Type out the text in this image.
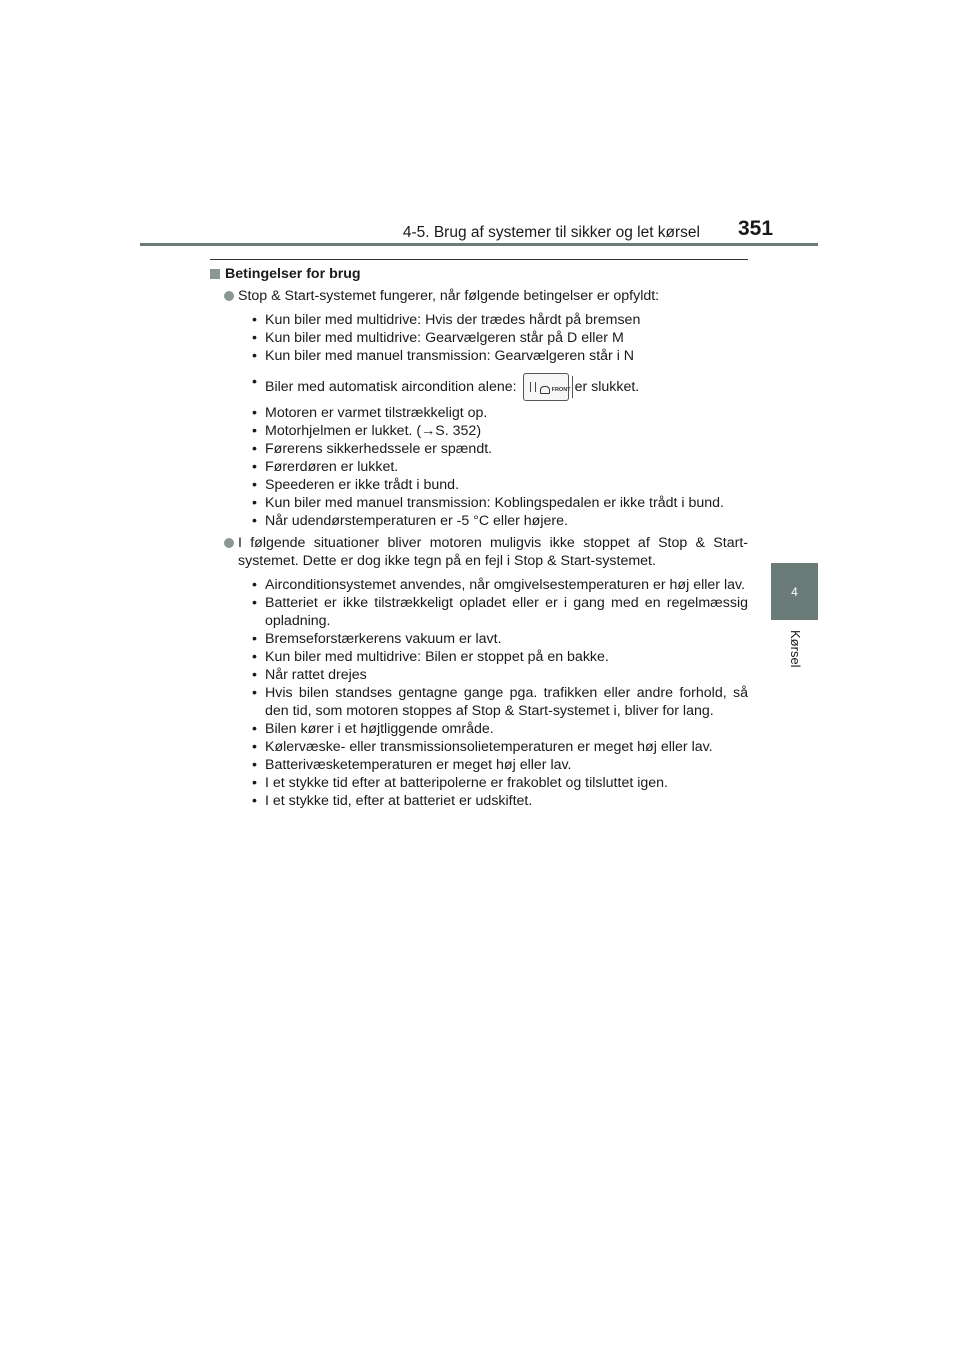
4-5. Brug af systemer til sikker og let kørsel 351
4
Kørsel
Betingelser for brug
Stop & Start-systemet fungerer, når følgende betingelser er opfyldt:
• Kun biler med multidrive: Hvis der trædes hårdt på bremsen
• Kun biler med multidrive: Gearvælgeren står på D eller M
• Kun biler med manuel transmission: Gearvælgeren står i N
• Biler med automatisk aircondition alene:	FRONT er slukket.
• Motoren er varmet tilstrækkeligt op.
• Motorhjelmen er lukket. (→S. 352)
• Førerens sikkerhedssele er spændt.
• Førerdøren er lukket.
• Speederen er ikke trådt i bund.
• Kun biler med manuel transmission: Koblingspedalen er ikke trådt i bund.
• Når udendørstemperaturen er -5 °C eller højere.
I følgende situationer bliver motoren muligvis ikke stoppet af Stop & Start-systemet. Dette er dog ikke tegn på en fejl i Stop & Start-systemet.
• Airconditionsystemet anvendes, når omgivelsestemperaturen er høj eller lav.
• Batteriet er ikke tilstrækkeligt opladet eller er i gang med en regelmæssig opladning.
• Bremseforstærkerens vakuum er lavt.
• Kun biler med multidrive: Bilen er stoppet på en bakke.
• Når rattet drejes
• Hvis bilen standses gentagne gange pga. trafikken eller andre forhold, så den tid, som motoren stoppes af Stop & Start-systemet i, bliver for lang.
• Bilen kører i et højtliggende område.
• Kølervæske- eller transmissionsolietemperaturen er meget høj eller lav.
• Batterivæsketemperaturen er meget høj eller lav.
• I et stykke tid efter at batteripolerne er frakoblet og tilsluttet igen.
• I et stykke tid, efter at batteriet er udskiftet.
